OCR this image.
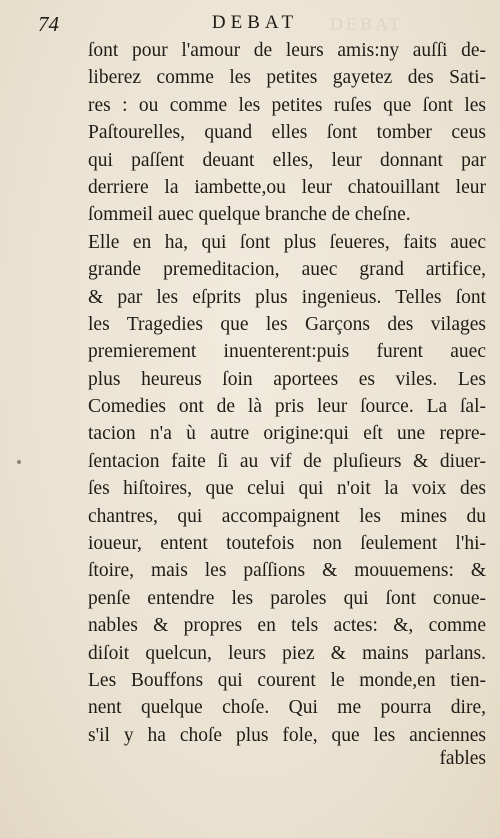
DEBAT
74	DEBAT
ſont pour l'amour de leurs amis:ny auſſi de-
liberez comme les petites gayetez des Sati-
res : ou comme les petites ruſes que ſont les
Paſtourelles, quand elles ſont tomber ceus
qui paſſent deuant elles, leur donnant par
derriere la iambette,ou leur chatouillant leur
ſommeil auec quelque branche de cheſne.
Elle en ha, qui ſont plus ſeueres, faits auec
grande premeditacion, auec grand artifice,
& par les eſprits plus ingenieus. Telles ſont
les Tragedies que les Garçons des vilages
premierement inuenterent:puis furent auec
plus heureus ſoin aportees es viles. Les
Comedies ont de là pris leur ſource. La ſal-
tacion n'a ù autre origine:qui eſt une repre-
ſentacion faite ſi au vif de pluſieurs & diuer-
ſes hiſtoires, que celui qui n'oit la voix des
chantres, qui accompaignent les mines du
ioueur, entent toutefois non ſeulement l'hi-
ſtoire, mais les paſſions & mouuemens: &
penſe entendre les paroles qui ſont conue-
nables & propres en tels actes: &, comme
diſoit quelcun, leurs piez & mains parlans.
Les Bouffons qui courent le monde,en tien-
nent quelque choſe. Qui me pourra dire,
s'il y ha choſe plus fole, que les anciennes
fables
